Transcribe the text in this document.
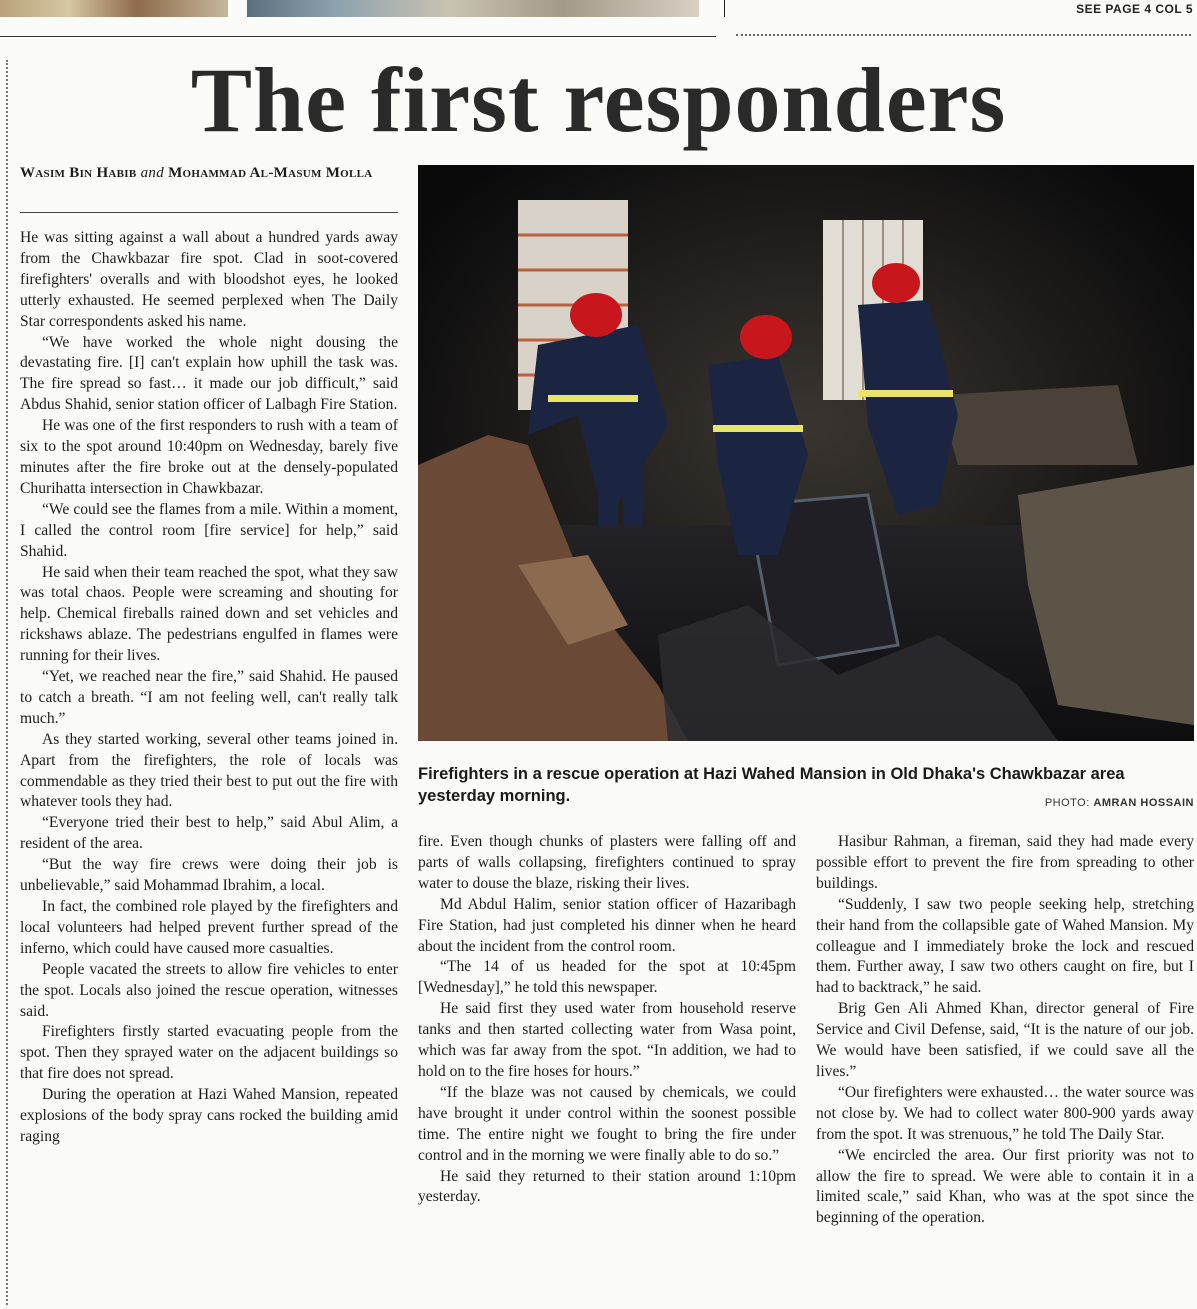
SEE PAGE 4 COL 5
The first responders
Wasim Bin Habib and Mohammad Al-Masum Molla

He was sitting against a wall about a hundred yards away from the Chawkbazar fire spot. Clad in soot-covered firefighters' overalls and with bloodshot eyes, he looked utterly exhausted. He seemed perplexed when The Daily Star correspondents asked his name.

“We have worked the whole night dousing the devastating fire. [I] can't explain how uphill the task was. The fire spread so fast… it made our job difficult,” said Abdus Shahid, senior station officer of Lalbagh Fire Station.

He was one of the first responders to rush with a team of six to the spot around 10:40pm on Wednesday, barely five minutes after the fire broke out at the densely-populated Churihatta intersection in Chawkbazar.

“We could see the flames from a mile. Within a moment, I called the control room [fire service] for help,” said Shahid.

He said when their team reached the spot, what they saw was total chaos. People were screaming and shouting for help. Chemical fireballs rained down and set vehicles and rickshaws ablaze. The pedestrians engulfed in flames were running for their lives.

“Yet, we reached near the fire,” said Shahid. He paused to catch a breath. “I am not feeling well, can't really talk much.”

As they started working, several other teams joined in. Apart from the firefighters, the role of locals was commendable as they tried their best to put out the fire with whatever tools they had.

“Everyone tried their best to help,” said Abul Alim, a resident of the area.

“But the way fire crews were doing their job is unbelievable,” said Mohammad Ibrahim, a local.

In fact, the combined role played by the firefighters and local volunteers had helped prevent further spread of the inferno, which could have caused more casualties.

People vacated the streets to allow fire vehicles to enter the spot. Locals also joined the rescue operation, witnesses said.

Firefighters firstly started evacuating people from the spot. Then they sprayed water on the adjacent buildings so that fire does not spread.

During the operation at Hazi Wahed Mansion, repeated explosions of the body spray cans rocked the building amid raging

Firefighters in a rescue operation at Hazi Wahed Mansion in Old Dhaka's Chawkbazar area yesterday morning.	PHOTO: AMRAN HOSSAIN

fire. Even though chunks of plasters were falling off and parts of walls collapsing, firefighters continued to spray water to douse the blaze, risking their lives.

Md Abdul Halim, senior station officer of Hazaribagh Fire Station, had just completed his dinner when he heard about the incident from the control room.

“The 14 of us headed for the spot at 10:45pm [Wednesday],” he told this newspaper.

He said first they used water from household reserve tanks and then started collecting water from Wasa point, which was far away from the spot. “In addition, we had to hold on to the fire hoses for hours.”

“If the blaze was not caused by chemicals, we could have brought it under control within the soonest possible time. The entire night we fought to bring the fire under control and in the morning we were finally able to do so.”

He said they returned to their station around 1:10pm yesterday.

Hasibur Rahman, a fireman, said they had made every possible effort to prevent the fire from spreading to other buildings.

“Suddenly, I saw two people seeking help, stretching their hand from the collapsible gate of Wahed Mansion. My colleague and I immediately broke the lock and rescued them. Further away, I saw two others caught on fire, but I had to backtrack,” he said.

Brig Gen Ali Ahmed Khan, director general of Fire Service and Civil Defense, said, “It is the nature of our job. We would have been satisfied, if we could save all the lives.”

“Our firefighters were exhausted… the water source was not close by. We had to collect water 800-900 yards away from the spot. It was strenuous,” he told The Daily Star.

“We encircled the area. Our first priority was not to allow the fire to spread. We were able to contain it in a limited scale,” said Khan, who was at the spot since the beginning of the operation.
